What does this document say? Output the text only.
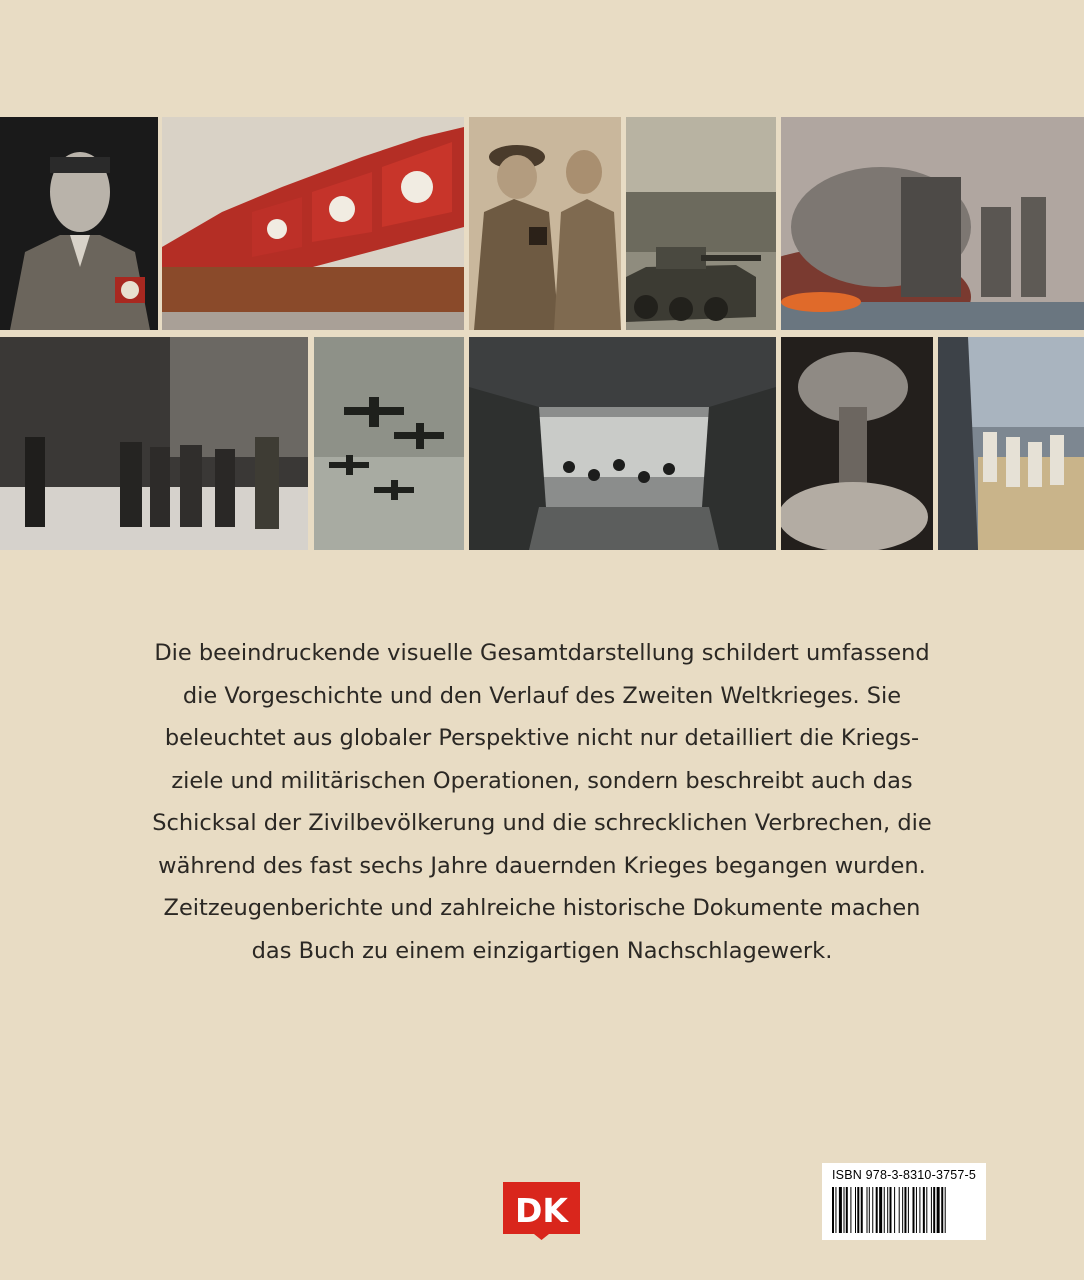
Die beeindruckende visuelle Gesamtdarstellung schildert umfassend
die Vorgeschichte und den Verlauf des Zweiten Weltkrieges. Sie
beleuchtet aus globaler Perspektive nicht nur detailliert die Kriegs-
ziele und militärischen Operationen, sondern beschreibt auch das
Schicksal der Zivilbevölkerung und die schrecklichen Verbrechen, die
während des fast sechs Jahre dauernden Krieges begangen wurden.
Zeitzeugenberichte und zahlreiche historische Dokumente machen
das Buch zu einem einzigartigen Nachschlagewerk.
DK
ISBN 978-3-8310-3757-5
